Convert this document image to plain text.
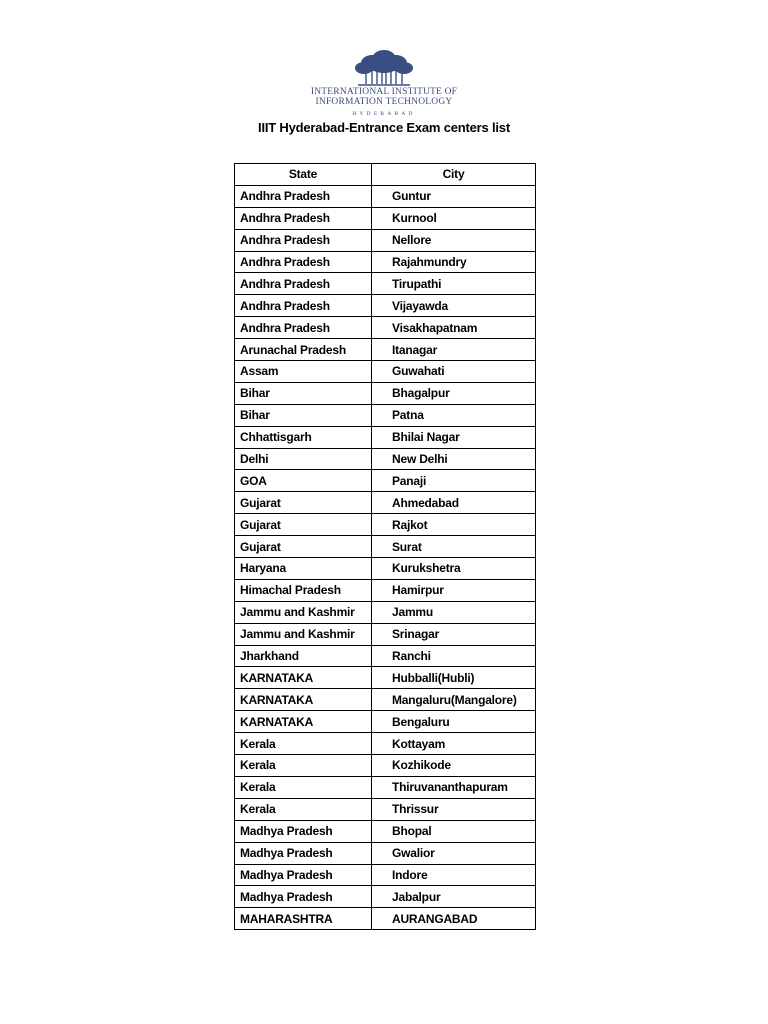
INTERNATIONAL INSTITUTE OF
INFORMATION TECHNOLOGY
HYDERABAD
IIIT Hyderabad-Entrance Exam centers list
State	City
Andhra Pradesh	Guntur
Andhra Pradesh	Kurnool
Andhra Pradesh	Nellore
Andhra Pradesh	Rajahmundry
Andhra Pradesh	Tirupathi
Andhra Pradesh	Vijayawda
Andhra Pradesh	Visakhapatnam
Arunachal Pradesh	Itanagar
Assam	Guwahati
Bihar	Bhagalpur
Bihar	Patna
Chhattisgarh	Bhilai Nagar
Delhi	New Delhi
GOA	Panaji
Gujarat	Ahmedabad
Gujarat	Rajkot
Gujarat	Surat
Haryana	Kurukshetra
Himachal Pradesh	Hamirpur
Jammu and Kashmir	Jammu
Jammu and Kashmir	Srinagar
Jharkhand	Ranchi
KARNATAKA	Hubballi(Hubli)
KARNATAKA	Mangaluru(Mangalore)
KARNATAKA	Bengaluru
Kerala	Kottayam
Kerala	Kozhikode
Kerala	Thiruvananthapuram
Kerala	Thrissur
Madhya Pradesh	Bhopal
Madhya Pradesh	Gwalior
Madhya Pradesh	Indore
Madhya Pradesh	Jabalpur
MAHARASHTRA	AURANGABAD
